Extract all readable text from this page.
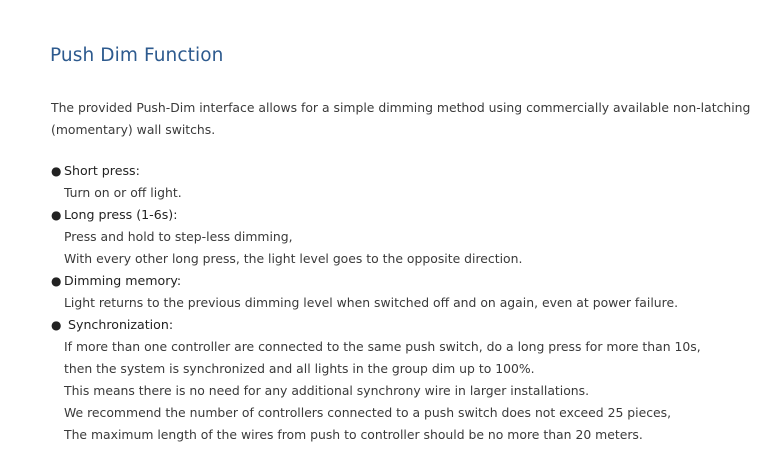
Push Dim Function

The provided Push-Dim interface allows for a simple dimming method using commercially available non-latching

(momentary) wall switchs.

● Short press:
Turn on or off light.
● Long press (1-6s):
Press and hold to step-less dimming,
With every other long press, the light level goes to the opposite direction.
● Dimming memory:
Light returns to the previous dimming level when switched off and on again, even at power failure.
● Synchronization:
If more than one controller are connected to the same push switch, do a long press for more than 10s,
then the system is synchronized and all lights in the group dim up to 100%.
This means there is no need for any additional synchrony wire in larger installations.
We recommend the number of controllers connected to a push switch does not exceed 25 pieces,
The maximum length of the wires from push to controller should be no more than 20 meters.
